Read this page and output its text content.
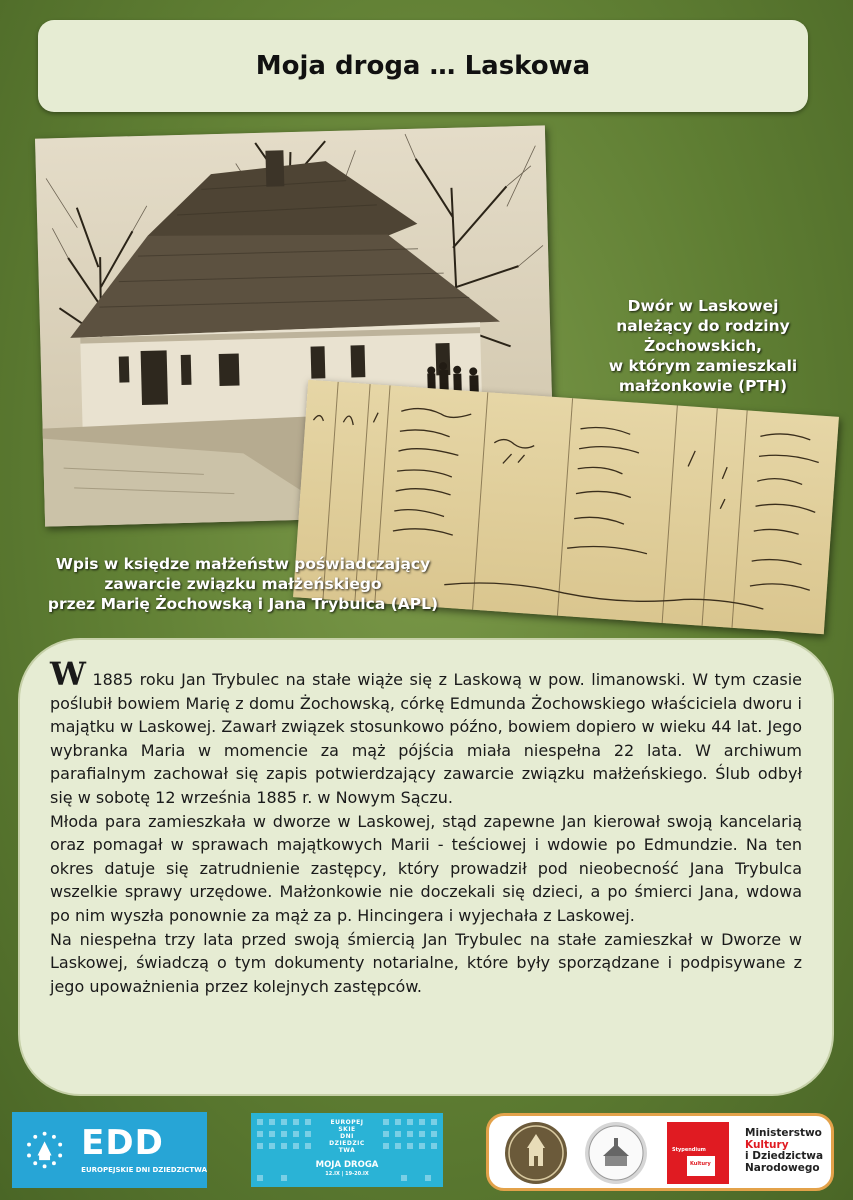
Moja droga … Laskowa
Dwór w Laskowej
należący do rodziny
Żochowskich,
w którym zamieszkali
małżonkowie (PTH)
Wpis w księdze małżeństw poświadczający
zawarcie związku małżeńskiego
przez Marię Żochowską i Jana Trybulca (APL)

W 1885 roku Jan Trybulec na stałe wiąże się z Laskową w pow. limanowski. W tym czasie poślubił bowiem Marię z domu Żochowską, córkę Edmunda Żochowskiego właściciela dworu i majątku w Laskowej. Zawarł związek stosunkowo późno, bowiem dopiero w wieku 44 lat. Jego wybranka Maria w momencie za mąż pójścia miała niespełna 22 lata. W archiwum parafialnym zachował się zapis potwierdzający zawarcie związku małżeńskiego. Ślub odbył się w sobotę 12 września 1885 r. w Nowym Sączu.

Młoda para zamieszkała w dworze w Laskowej, stąd zapewne Jan kierował swoją kancelarią oraz pomagał w sprawach majątkowych Marii - teściowej i wdowie po Edmundzie. Na ten okres datuje się zatrudnienie zastępcy, który prowadził pod nieobecność Jana Trybulca wszelkie sprawy urzędowe. Małżonkowie nie doczekali się dzieci, a po śmierci Jana, wdowa po nim wyszła ponownie za mąż za p. Hincingera i wyjechała z Laskowej.

Na niespełna trzy lata przed swoją śmiercią Jan Trybulec na stałe zamieszkał w Dworze w Laskowej, świadczą o tym dokumenty notarialne, które były sporządzane i podpisywane z jego upoważnienia przez kolejnych zastępców.

EDD
EUROPEJSKIE DNI DZIEDZICTWA
EUROPEJ
SKIE
DNI
DZIEDZIC
TWA
MOJA DROGA
12.IX | 19-20.IX
Stypendium
Kultury
Ministerstwo
Kultury
i Dziedzictwa
Narodowego
